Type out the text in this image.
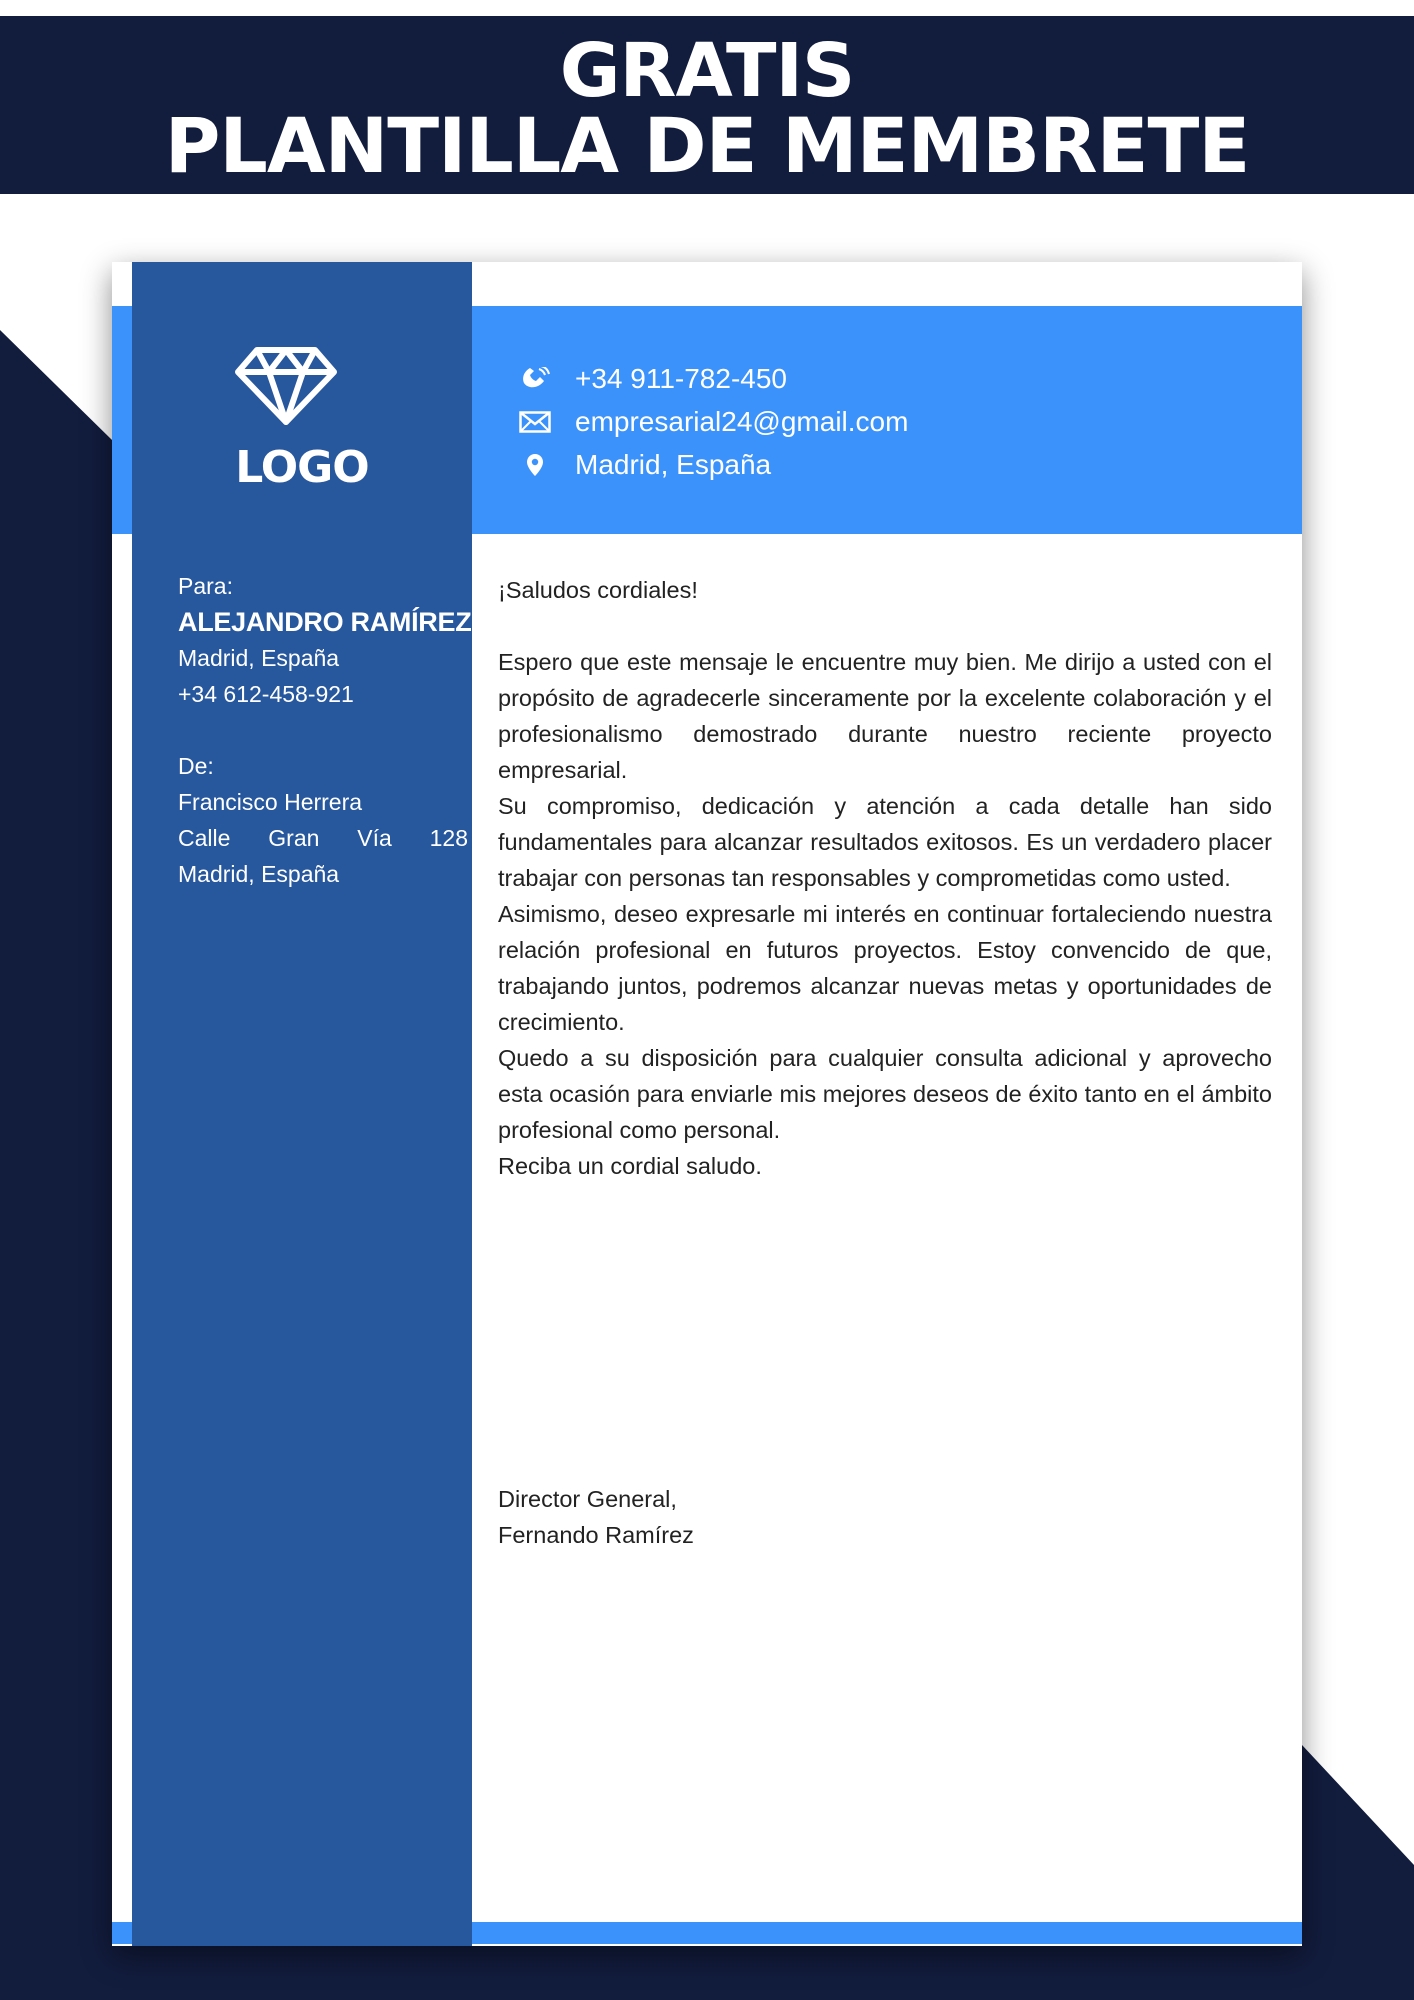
GRATIS
PLANTILLA DE MEMBRETE
LOGO
Para:
ALEJANDRO RAMÍREZ
Madrid, España
+34 612-458-921
De:
Francisco Herrera
Calle Gran Vía 128
Madrid, España
+34 911-782-450
empresarial24@gmail.com
Madrid, España

¡Saludos cordiales!

Espero que este mensaje le encuentre muy bien. Me dirijo a usted con el propósito de agradecerle sinceramente por la excelente colaboración y el profesionalismo demostrado durante nuestro reciente proyecto empresarial.

Su compromiso, dedicación y atención a cada detalle han sido fundamentales para alcanzar resultados exitosos. Es un verdadero placer trabajar con personas tan responsables y comprometidas como usted.

Asimismo, deseo expresarle mi interés en continuar fortaleciendo nuestra relación profesional en futuros proyectos. Estoy convencido de que, trabajando juntos, podremos alcanzar nuevas metas y oportunidades de crecimiento.

Quedo a su disposición para cualquier consulta adicional y aprovecho esta ocasión para enviarle mis mejores deseos de éxito tanto en el ámbito profesional como personal.

Reciba un cordial saludo.

Director General,
Fernando Ramírez
